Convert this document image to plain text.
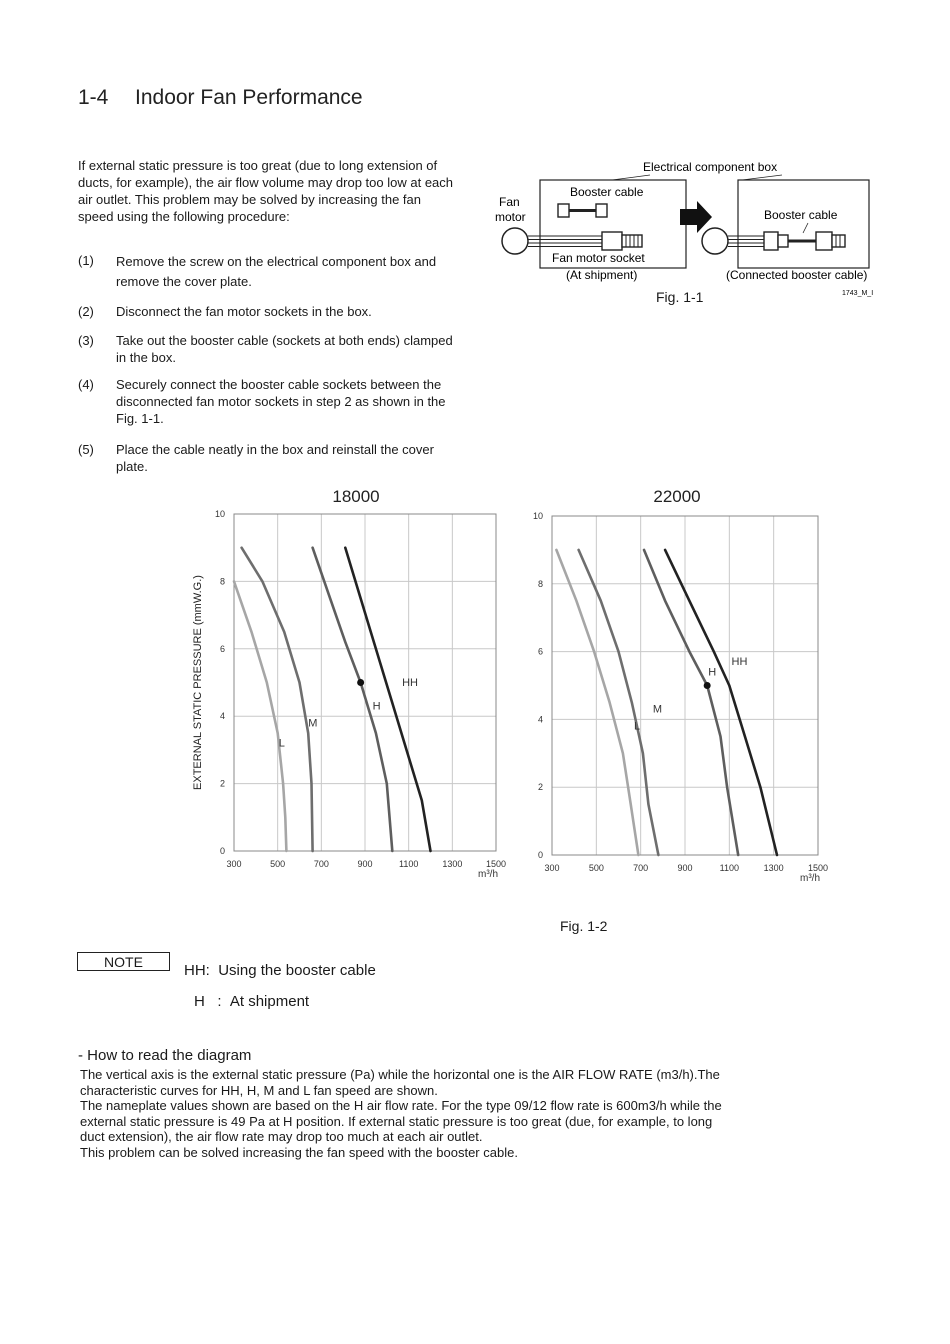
1-4 Indoor Fan Performance
If external static pressure is too great (due to long extension of ducts, for example), the air flow volume may drop too low at each air outlet. This problem may be solved by increasing the fan speed using the following procedure:
(1) Remove the screw on the electrical component box and remove the cover plate.
(2) Disconnect the fan motor sockets in the box.
(3) Take out the booster cable (sockets at both ends) clamped in the box.
(4) Securely connect the booster cable sockets between the disconnected fan motor sockets in step 2 as shown in the Fig. 1-1.
(5) Place the cable neatly in the box and reinstall the cover plate.
Electrical component box
Booster cable
Fan
motor
Fan motor socket
(At shipment)
Booster cable
(Connected booster cable)
1743_M_I
Fig. 1-1
18000
300	500	700	900	1100	1300	1500
0
2
4
6
8
10
HH
H
M
L
m³/h
EXTERNAL STATIC PRESSURE (mmW.G.)
22000
300	500	700	900	1100	1300	1500
0
2
4
6
8
10
HH
H
M
L
m³/h
Fig. 1-2
NOTE	HH: Using the booster cable
H : At shipment
- How to read the diagram
The vertical axis is the external static pressure (Pa) while the horizontal one is the AIR FLOW RATE (m3/h).The
characteristic curves for HH, H, M and L fan speed are shown.
The nameplate values shown are based on the H air flow rate. For the type 09/12 flow rate is 600m3/h while the
external static pressure is 49 Pa at H position. If external static pressure is too great (due, for example, to long
duct extension), the air flow rate may drop too much at each air outlet.
This problem can be solved increasing the fan speed with the booster cable.
